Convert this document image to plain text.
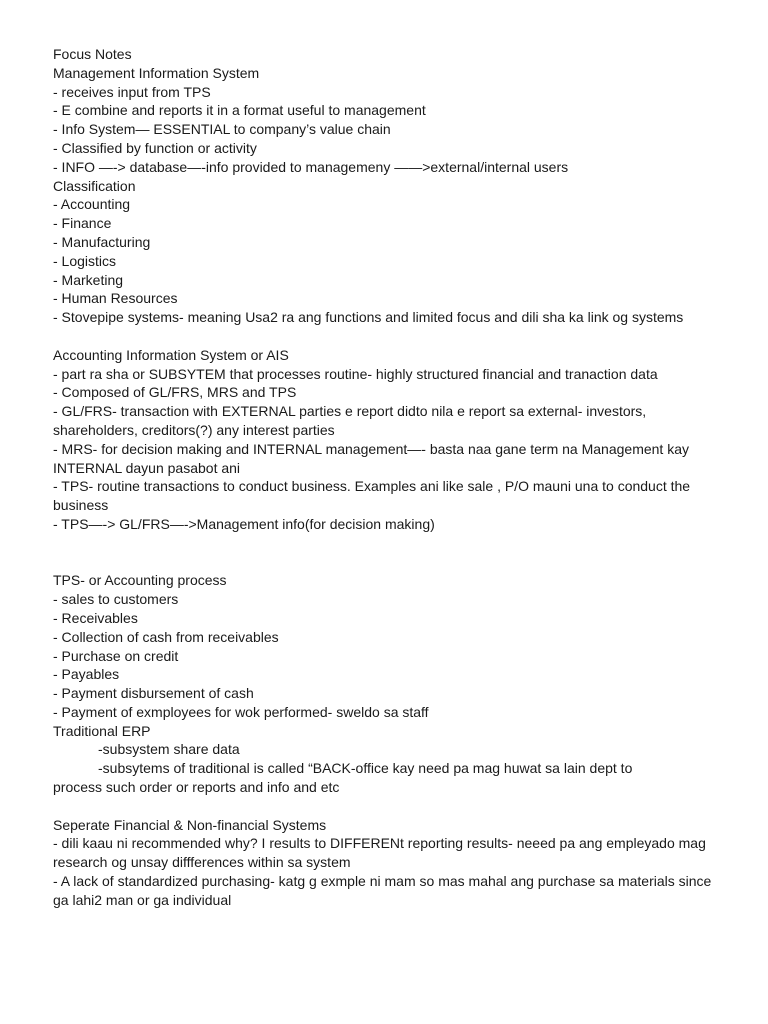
Focus Notes
Management Information System
- receives input from TPS
- E combine and reports it in a format useful to management
- Info System— ESSENTIAL to company’s value chain
- Classified by function or activity
- INFO —-> database—-info provided to managemeny ——>external/internal users
Classification
- Accounting
- Finance
- Manufacturing
- Logistics
- Marketing
- Human Resources
- Stovepipe systems- meaning Usa2 ra ang functions and limited focus and dili sha ka link og systems
Accounting Information System or AIS
- part ra sha or SUBSYTEM that processes routine- highly structured financial and tranaction data
- Composed of GL/FRS, MRS and TPS
- GL/FRS- transaction with EXTERNAL parties e report didto nila e report sa external- investors, shareholders, creditors(?) any interest parties
- MRS- for decision making and INTERNAL management—- basta naa gane term na Management kay INTERNAL dayun pasabot ani
- TPS- routine transactions to conduct business. Examples ani like sale , P/O mauni una to conduct the business
- TPS—-> GL/FRS—->Management info(for decision making)
TPS- or Accounting process
- sales to customers
- Receivables
- Collection of cash from receivables
- Purchase on credit
- Payables
- Payment disbursement of cash
- Payment of exmployees for wok performed- sweldo sa staff
Traditional ERP
-subsystem share data
-subsytems of traditional is called “BACK-office kay need pa mag huwat sa lain dept to
process such order or reports and info and etc
Seperate Financial & Non-financial Systems
- dili kaau ni recommended why? I results to DIFFERENt reporting results- neeed pa ang empleyado mag research og unsay diffferences within sa system
- A lack of standardized purchasing- katg g exmple ni mam so mas mahal ang purchase sa materials since ga lahi2 man or ga individual
